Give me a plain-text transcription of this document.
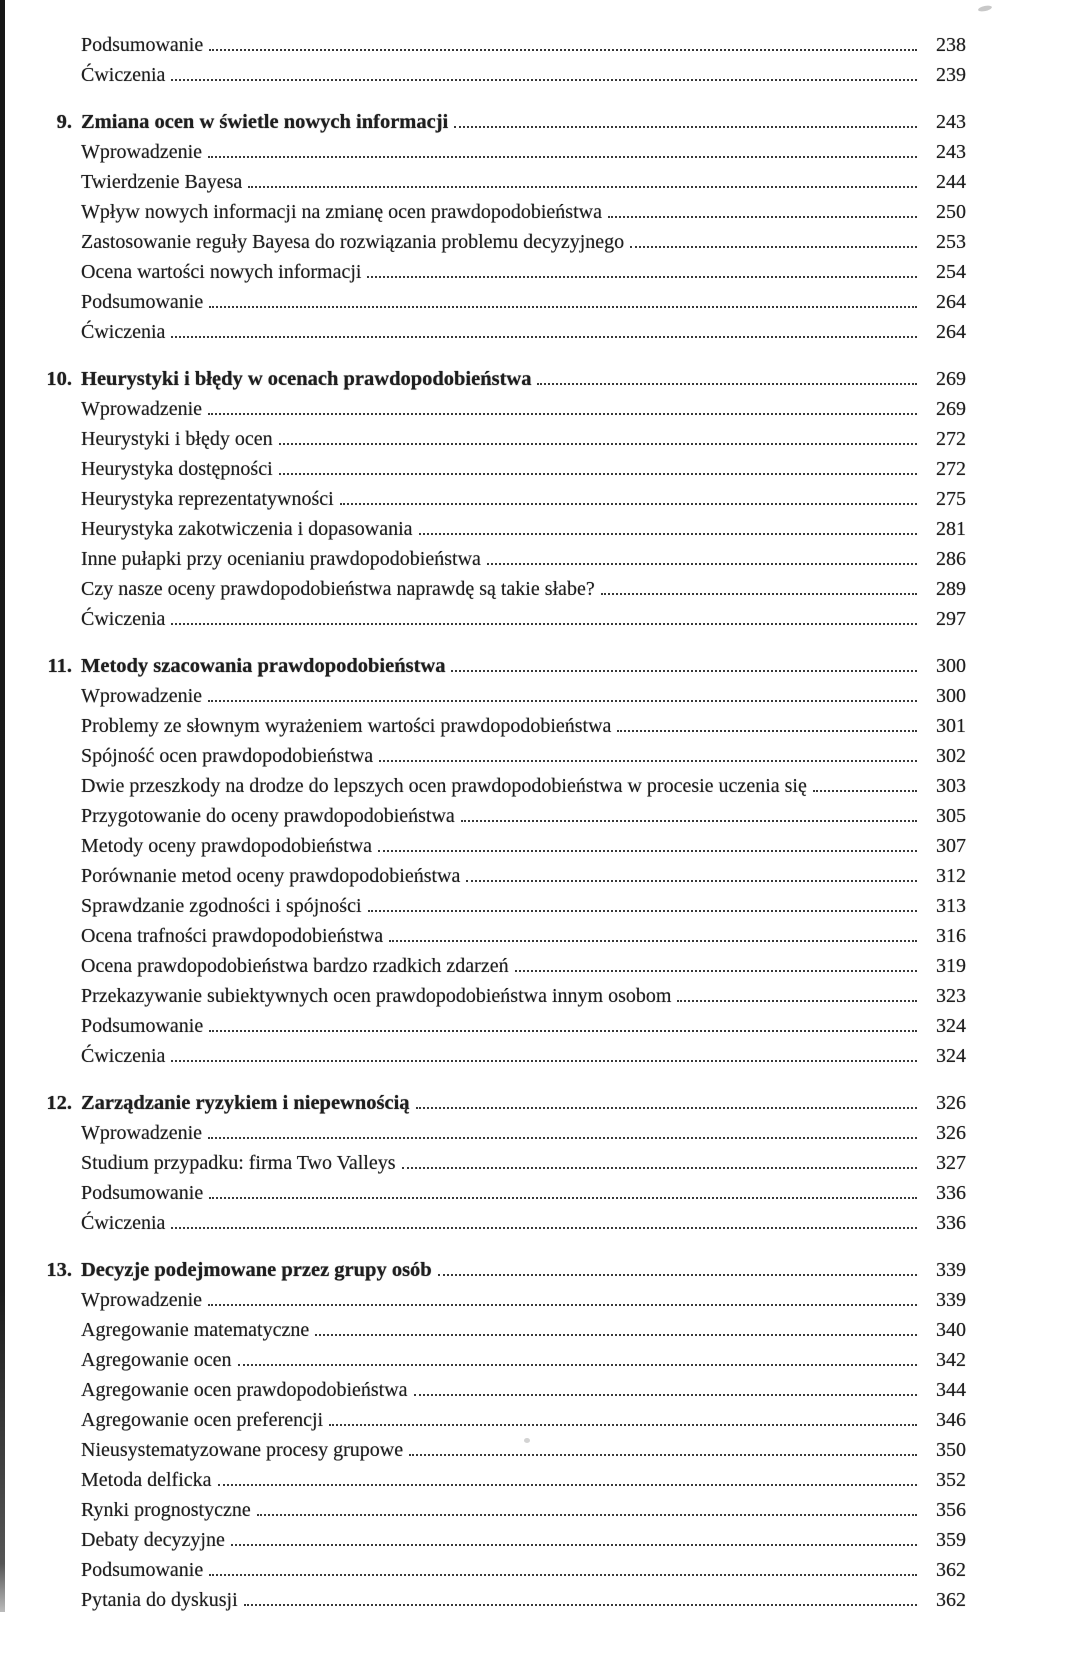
Podsumowanie	238
Ćwiczenia	239
9. Zmiana ocen w świetle nowych informacji	243
Wprowadzenie	243
Twierdzenie Bayesa	244
Wpływ nowych informacji na zmianę ocen prawdopodobieństwa	250
Zastosowanie reguły Bayesa do rozwiązania problemu decyzyjnego	253
Ocena wartości nowych informacji	254
Podsumowanie	264
Ćwiczenia	264
10. Heurystyki i błędy w ocenach prawdopodobieństwa	269
Wprowadzenie	269
Heurystyki i błędy ocen	272
Heurystyka dostępności	272
Heurystyka reprezentatywności	275
Heurystyka zakotwiczenia i dopasowania	281
Inne pułapki przy ocenianiu prawdopodobieństwa	286
Czy nasze oceny prawdopodobieństwa naprawdę są takie słabe?	289
Ćwiczenia	297
11. Metody szacowania prawdopodobieństwa	300
Wprowadzenie	300
Problemy ze słownym wyrażeniem wartości prawdopodobieństwa	301
Spójność ocen prawdopodobieństwa	302
Dwie przeszkody na drodze do lepszych ocen prawdopodobieństwa w procesie uczenia się	303
Przygotowanie do oceny prawdopodobieństwa	305
Metody oceny prawdopodobieństwa	307
Porównanie metod oceny prawdopodobieństwa	312
Sprawdzanie zgodności i spójności	313
Ocena trafności prawdopodobieństwa	316
Ocena prawdopodobieństwa bardzo rzadkich zdarzeń	319
Przekazywanie subiektywnych ocen prawdopodobieństwa innym osobom	323
Podsumowanie	324
Ćwiczenia	324
12. Zarządzanie ryzykiem i niepewnością	326
Wprowadzenie	326
Studium przypadku: firma Two Valleys	327
Podsumowanie	336
Ćwiczenia	336
13. Decyzje podejmowane przez grupy osób	339
Wprowadzenie	339
Agregowanie matematyczne	340
Agregowanie ocen	342
Agregowanie ocen prawdopodobieństwa	344
Agregowanie ocen preferencji	346
Nieusystematyzowane procesy grupowe	350
Metoda delficka	352
Rynki prognostyczne	356
Debaty decyzyjne	359
Podsumowanie	362
Pytania do dyskusji	362
